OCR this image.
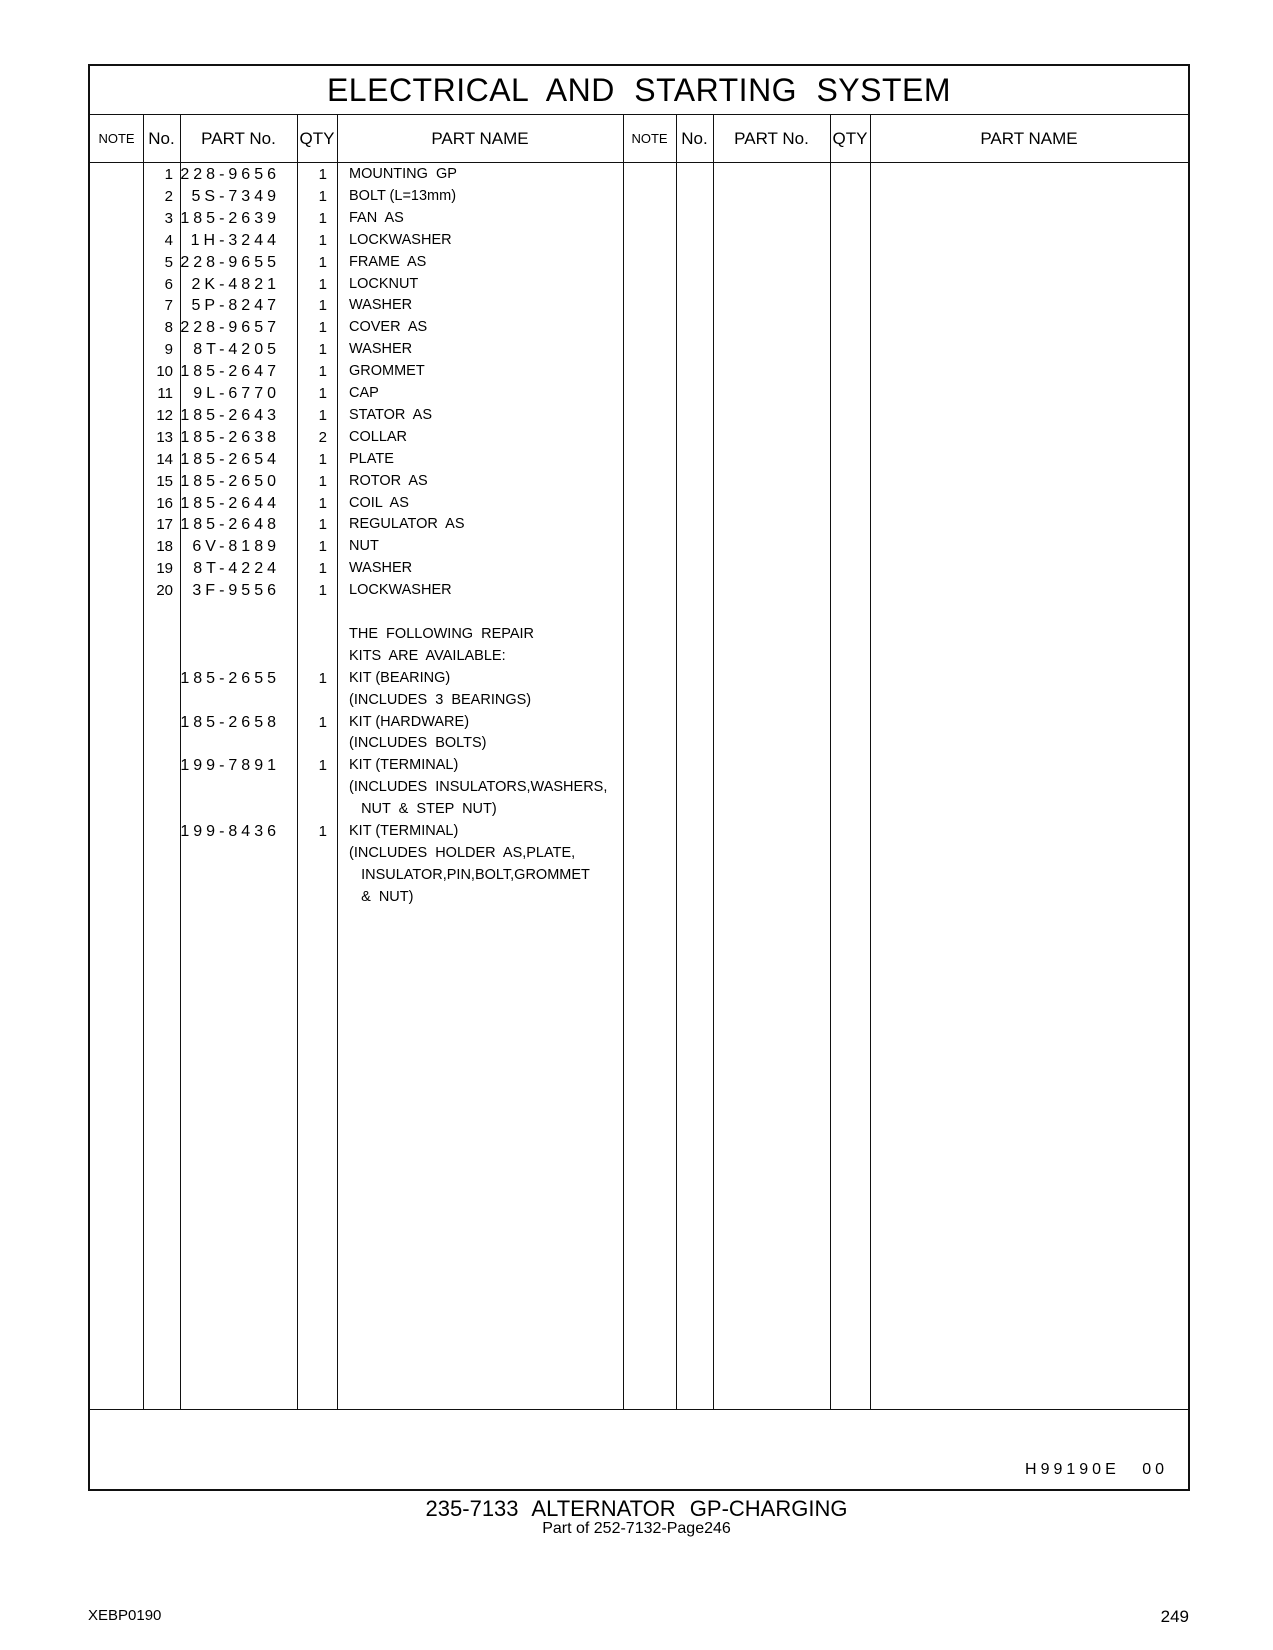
ELECTRICAL AND STARTING SYSTEM
NOTE No.	PART No.	QTY	PART NAME	NOTE No.	PART No.	QTY	PART NAME
1 228-9656	1 MOUNTING  GP
2	5S-7349	1 BOLT (L=13mm)
3 185-2639	1 FAN  AS
4	1H-3244	1 LOCKWASHER
5 228-9655	1 FRAME  AS
6	2K-4821	1 LOCKNUT
7	5P-8247	1 WASHER
8 228-9657	1 COVER  AS
9	8T-4205	1 WASHER
10 185-2647	1 GROMMET
11	9L-6770	1 CAP
12 185-2643	1 STATOR  AS
13 185-2638	2 COLLAR
14 185-2654	1 PLATE
15 185-2650	1 ROTOR  AS
16 185-2644	1 COIL  AS
17 185-2648	1 REGULATOR  AS
18	6V-8189	1 NUT
19	8T-4224	1 WASHER
20	3F-9556	1 LOCKWASHER
THE  FOLLOWING  REPAIR
KITS  ARE  AVAILABLE:
185-2655	1 KIT (BEARING)
(INCLUDES  3  BEARINGS)
185-2658	1 KIT (HARDWARE)
(INCLUDES  BOLTS)
199-7891	1 KIT (TERMINAL)
(INCLUDES  INSULATORS,WASHERS,
NUT  &  STEP  NUT)
199-8436	1 KIT (TERMINAL)
(INCLUDES  HOLDER  AS,PLATE,
INSULATOR,PIN,BOLT,GROMMET
&  NUT)
H99190E 00
235-7133 ALTERNATOR GP-CHARGING
Part of 252-7132-Page246
XEBP0190	249
